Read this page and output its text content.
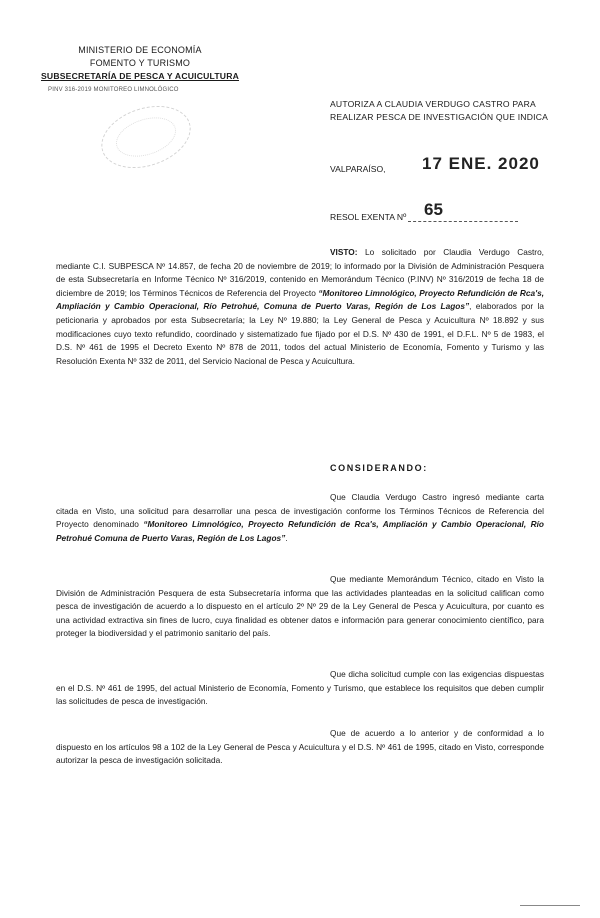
MINISTERIO DE ECONOMÍA
FOMENTO Y TURISMO
SUBSECRETARÍA DE PESCA Y ACUICULTURA
PINV 316-2019 MONITOREO LIMNOLÓGICO
AUTORIZA A CLAUDIA VERDUGO CASTRO PARA REALIZAR PESCA DE INVESTIGACIÓN QUE INDICA
VALPARAÍSO, 17 ENE. 2020
RESOL EXENTA Nº 65

VISTO: Lo solicitado por Claudia Verdugo Castro, mediante C.I. SUBPESCA Nº 14.857, de fecha 20 de noviembre de 2019; lo informado por la División de Administración Pesquera de esta Subsecretaría en Informe Técnico Nº 316/2019, contenido en Memorándum Técnico (P.INV) Nº 316/2019 de fecha 18 de diciembre de 2019; los Términos Técnicos de Referencia del Proyecto “Monitoreo Limnológico, Proyecto Refundición de Rca's, Ampliación y Cambio Operacional, Río Petrohué, Comuna de Puerto Varas, Región de Los Lagos”, elaborados por la peticionaria y aprobados por esta Subsecretaría; la Ley Nº 19.880; la Ley General de Pesca y Acuicultura Nº 18.892 y sus modificaciones cuyo texto refundido, coordinado y sistematizado fue fijado por el D.S. Nº 430 de 1991, el D.F.L. Nº 5 de 1983, el D.S. Nº 461 de 1995 el Decreto Exento Nº 878 de 2011, todos del actual Ministerio de Economía, Fomento y Turismo y las Resolución Exenta Nº 332 de 2011, del Servicio Nacional de Pesca y Acuicultura.

CONSIDERANDO:

Que Claudia Verdugo Castro ingresó mediante carta citada en Visto, una solicitud para desarrollar una pesca de investigación conforme los Términos Técnicos de Referencia del Proyecto denominado “Monitoreo Limnológico, Proyecto Refundición de Rca's, Ampliación y Cambio Operacional, Río Petrohué Comuna de Puerto Varas, Región de Los Lagos”.

Que mediante Memorándum Técnico, citado en Visto la División de Administración Pesquera de esta Subsecretaría informa que las actividades planteadas en la solicitud califican como pesca de investigación de acuerdo a lo dispuesto en el artículo 2º Nº 29 de la Ley General de Pesca y Acuicultura, por cuanto es una actividad extractiva sin fines de lucro, cuya finalidad es obtener datos e información para generar conocimiento científico, para proteger la biodiversidad y el patrimonio sanitario del país.

Que dicha solicitud cumple con las exigencias dispuestas en el D.S. Nº 461 de 1995, del actual Ministerio de Economía, Fomento y Turismo, que establece los requisitos que deben cumplir las solicitudes de pesca de investigación.

Que de acuerdo a lo anterior y de conformidad a lo dispuesto en los artículos 98 a 102 de la Ley General de Pesca y Acuicultura y el D.S. Nº 461 de 1995, citado en Visto, corresponde autorizar la pesca de investigación solicitada.
